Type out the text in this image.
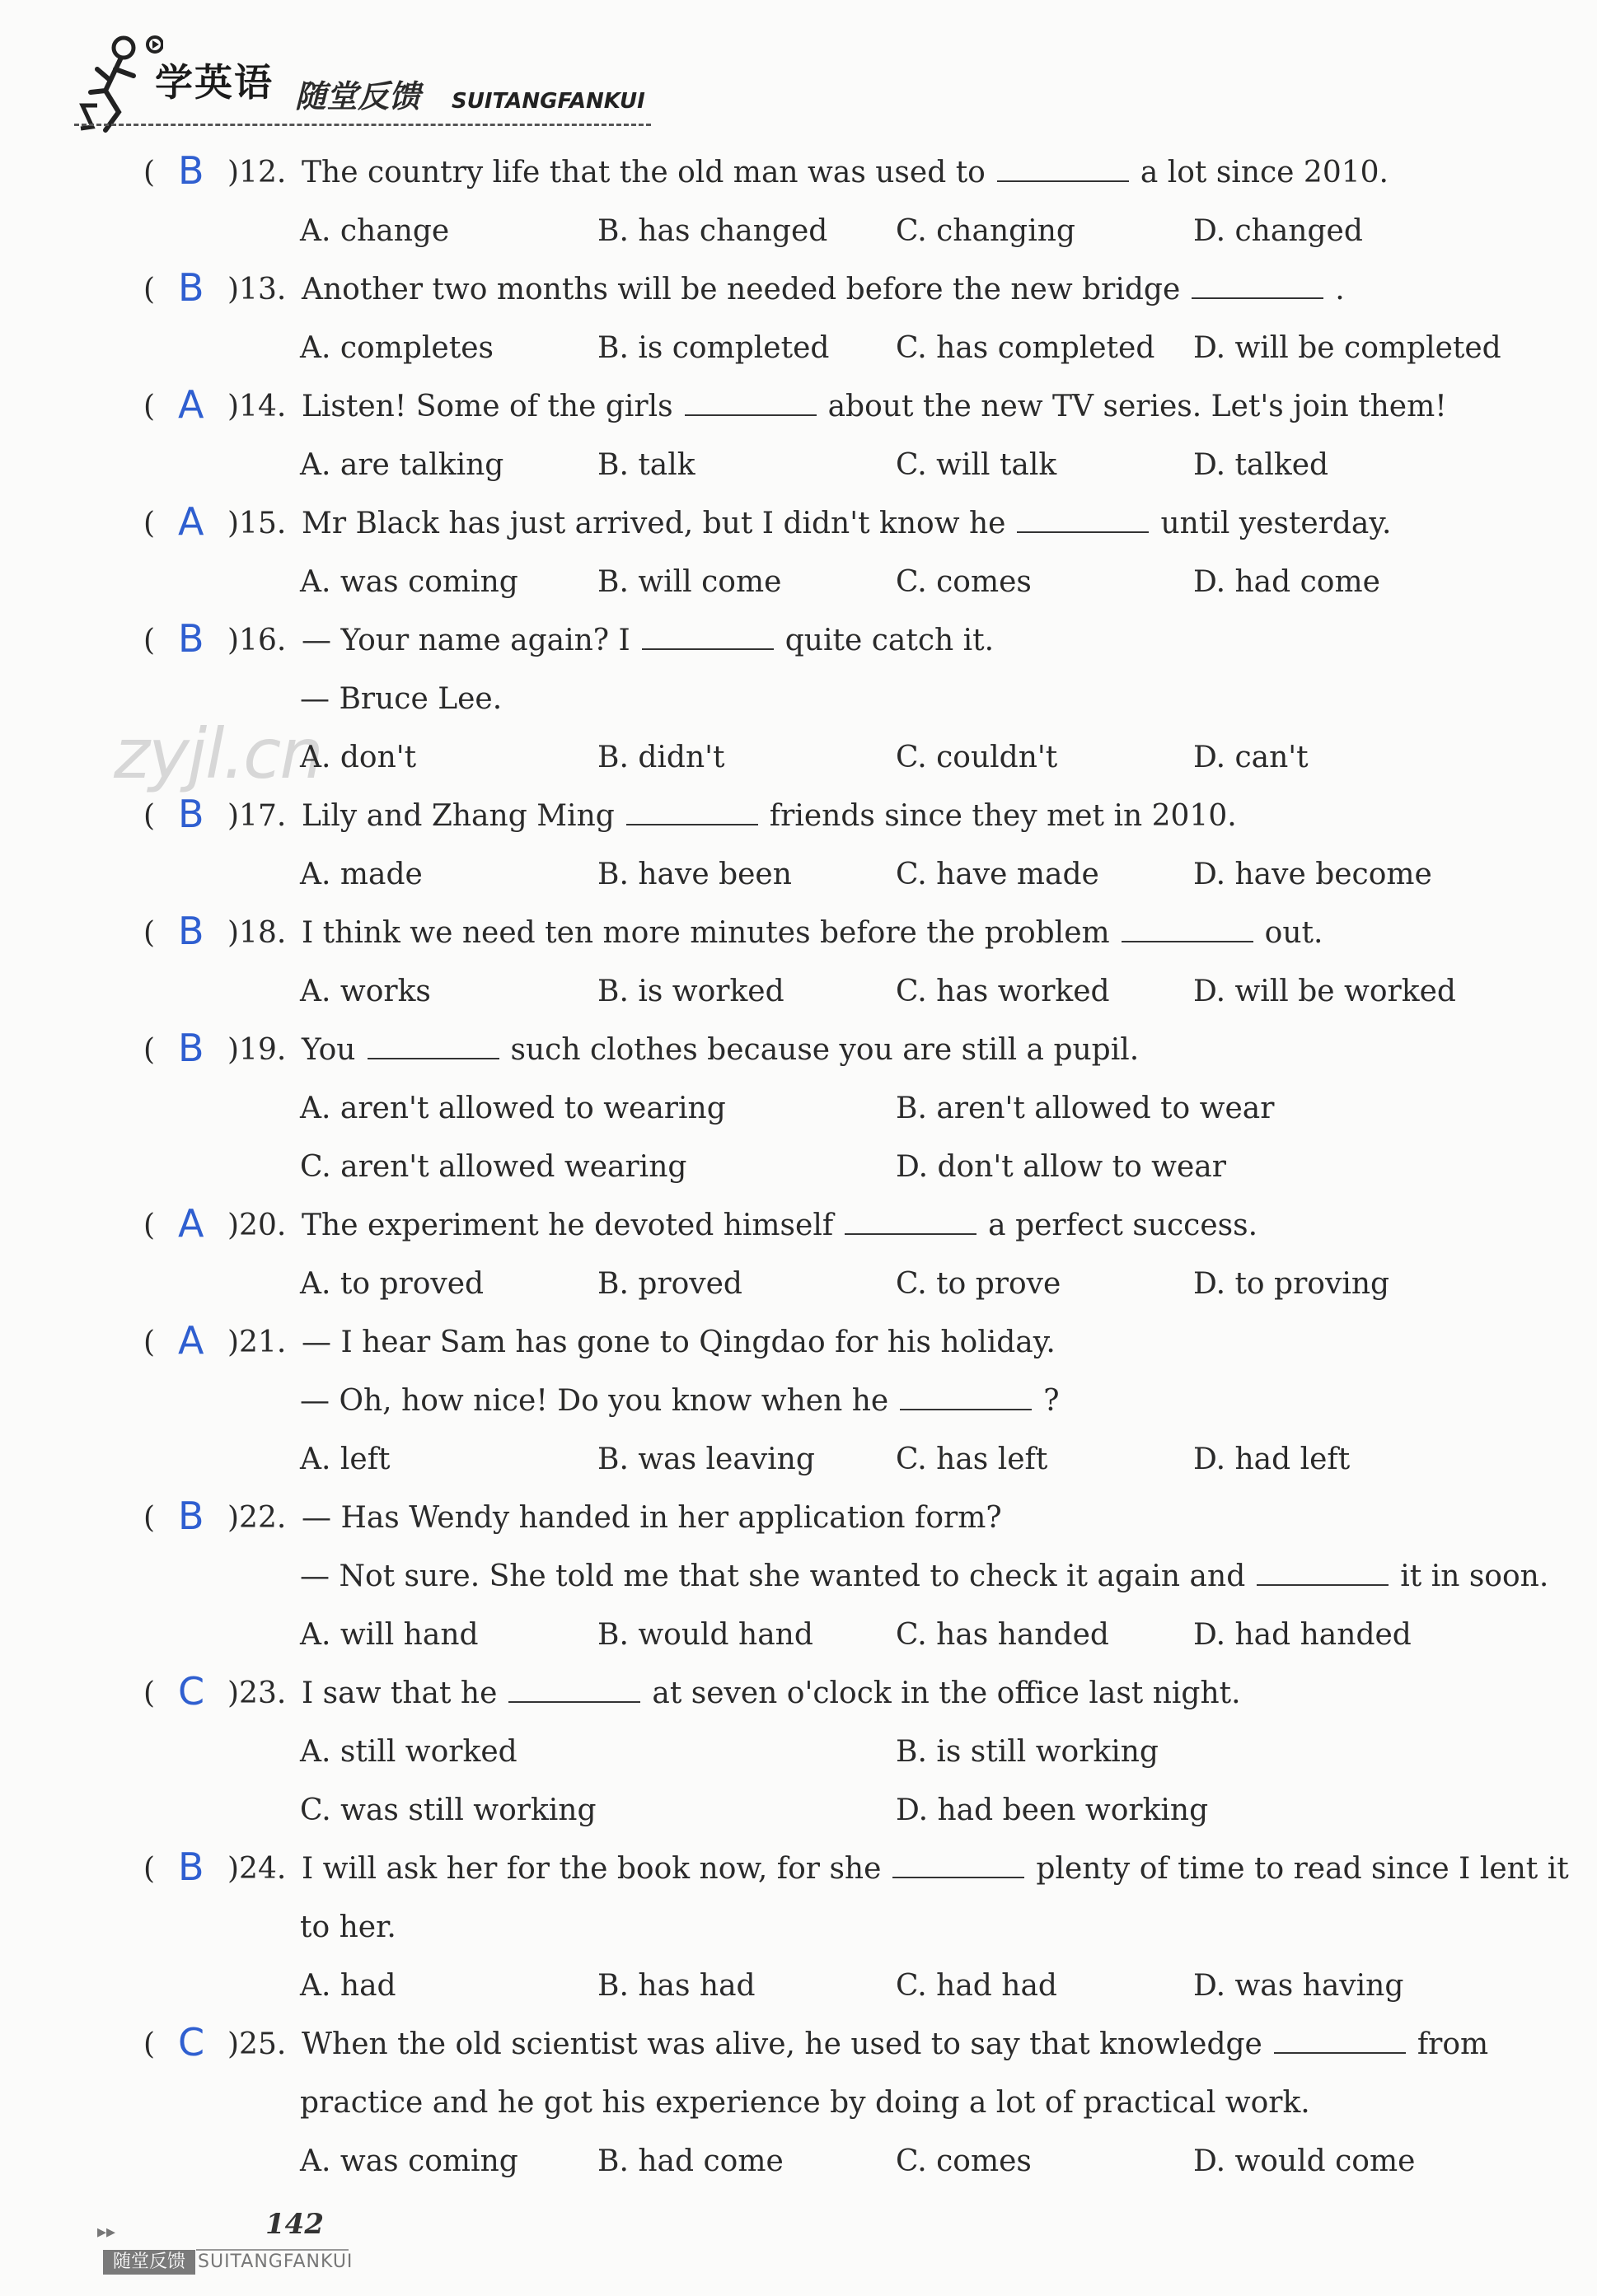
学英语 随堂反馈 SUITANGFANKUI
zyjl.cn
( B )12. The country life that the old man was used to	a lot since 2010.
A. change	B. has changed C. changing	D. changed
( B )13. Another two months will be needed before the new bridge	.
A. completes	B. is completed C. has completed D. will be completed
( A )14. Listen! Some of the girls	about the new TV series. Let's join them!
A. are talking	B. talk	C. will talk	D. talked
( A )15. Mr Black has just arrived, but I didn't know he	until yesterday.
A. was coming	B. will come	C. comes	D. had come
( B )16. — Your name again? I	quite catch it.
— Bruce Lee.
A. don't	B. didn't	C. couldn't	D. can't
( B )17. Lily and Zhang Ming	friends since they met in 2010.
A. made	B. have been	C. have made	D. have become
( B )18. I think we need ten more minutes before the problem	out.
A. works	B. is worked	C. has worked	D. will be worked
( B )19. You	such clothes because you are still a pupil.
A. aren't allowed to wearing	B. aren't allowed to wear
C. aren't allowed wearing	D. don't allow to wear
( A )20. The experiment he devoted himself	a perfect success.
A. to proved	B. proved	C. to prove	D. to proving
( A )21. — I hear Sam has gone to Qingdao for his holiday.
— Oh, how nice! Do you know when he	?
A. left	B. was leaving	C. has left	D. had left
( B )22. — Has Wendy handed in her application form?
— Not sure. She told me that she wanted to check it again and	it in soon.
A. will hand	B. would hand	C. has handed	D. had handed
( C )23. I saw that he	at seven o'clock in the office last night.
A. still worked	B. is still working
C. was still working	D. had been working
( B )24. I will ask her for the book now, for she	plenty of time to read since I lent it
to her.
A. had	B. has had	C. had had	D. was having
( C )25. When the old scientist was alive, he used to say that knowledge	from
practice and he got his experience by doing a lot of practical work.
A. was coming	B. had come	C. comes	D. would come
▸▸	142
随堂反馈 SUITANGFANKUI
